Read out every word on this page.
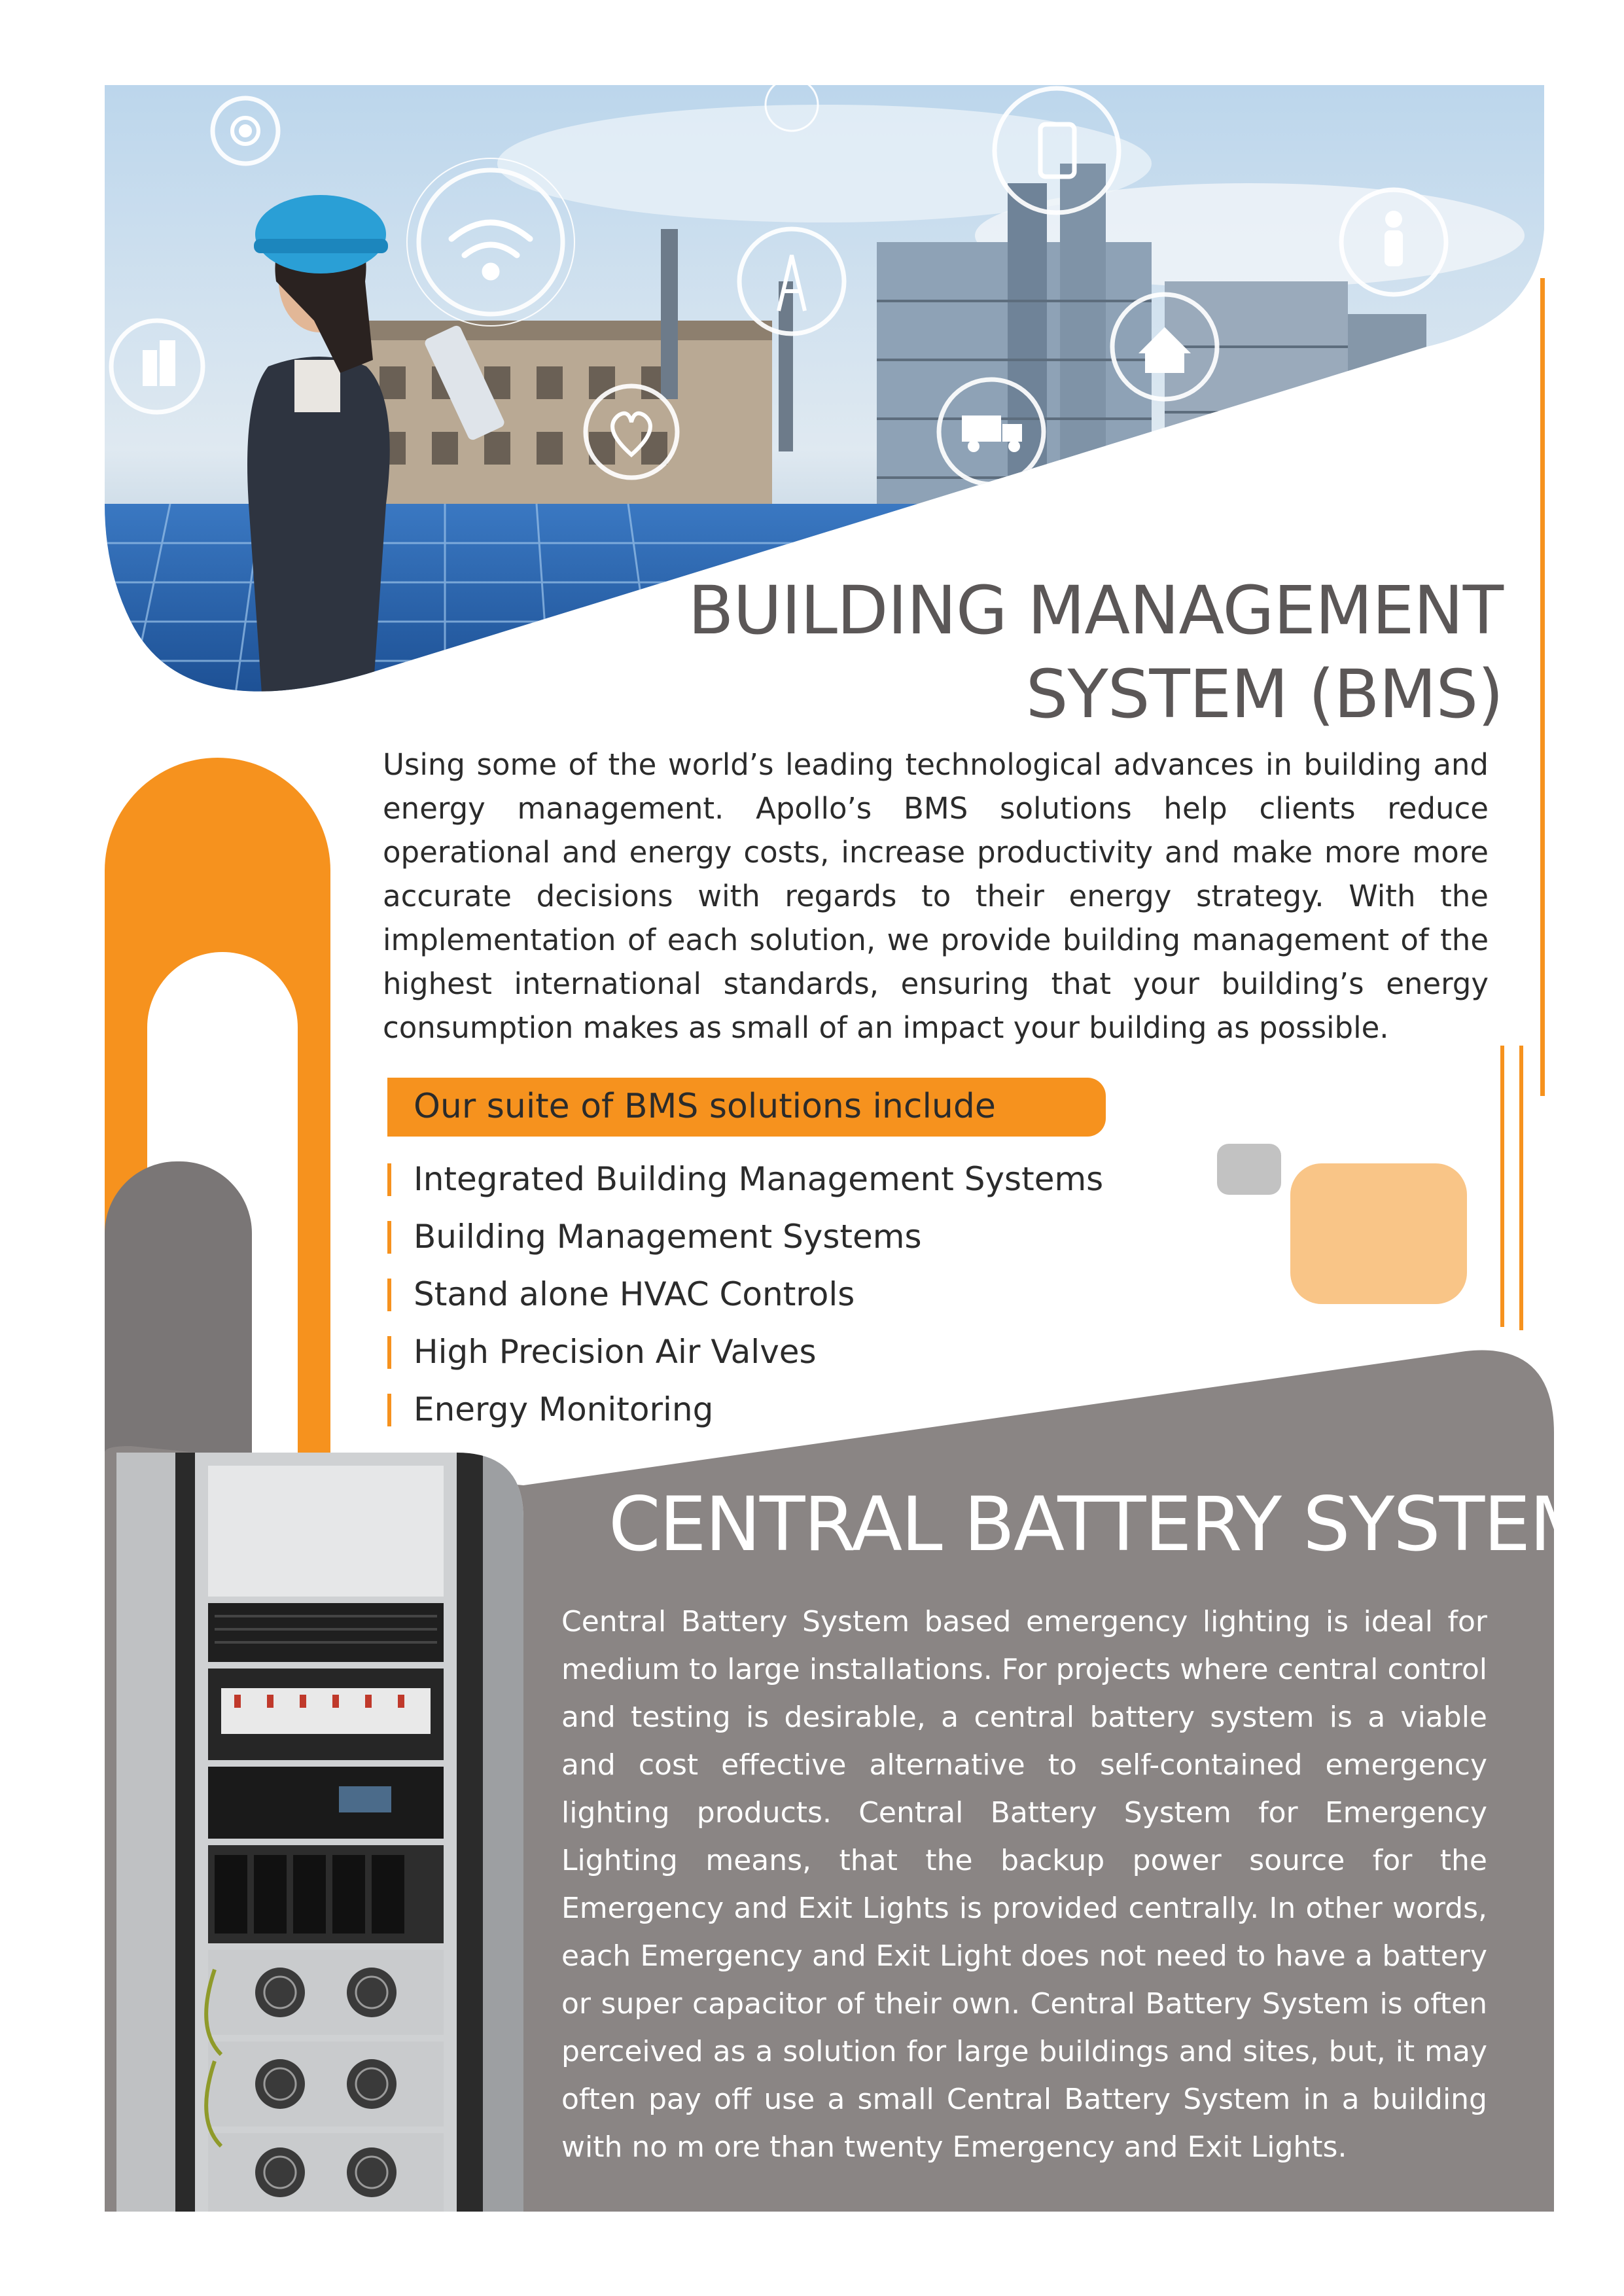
BUILDING MANAGEMENT
SYSTEM (BMS)

Using some of the world’s leading technological advances in building and energy management. Apollo’s BMS solutions help clients reduce operational and energy costs, increase productivity and make more more accurate decisions with regards to their energy strategy. With the implementation of each solution, we provide building management of the highest international standards, ensuring that your building’s energy consumption makes as small of an impact your building as possible.

Our suite of BMS solutions include
Integrated Building Management Systems
Building Management Systems
Stand alone HVAC Controls
High Precision Air Valves
Energy Monitoring
CENTRAL BATTERY SYSTEM

Central Battery System based emergency lighting is ideal for medium to large installations. For projects where central control and testing is desirable, a central battery system is a viable and cost effective alternative to self-contained emergency lighting products. Central Battery System for Emergency Lighting means, that the backup power source for the Emergency and Exit Lights is provided centrally. In other words, each Emergency and Exit Light does not need to have a battery or super capacitor of their own. Central Battery System is often perceived as a solution for large buildings and sites, but, it may often pay off use a small Central Battery System in a building with no m ore than twenty Emergency and Exit Lights.
